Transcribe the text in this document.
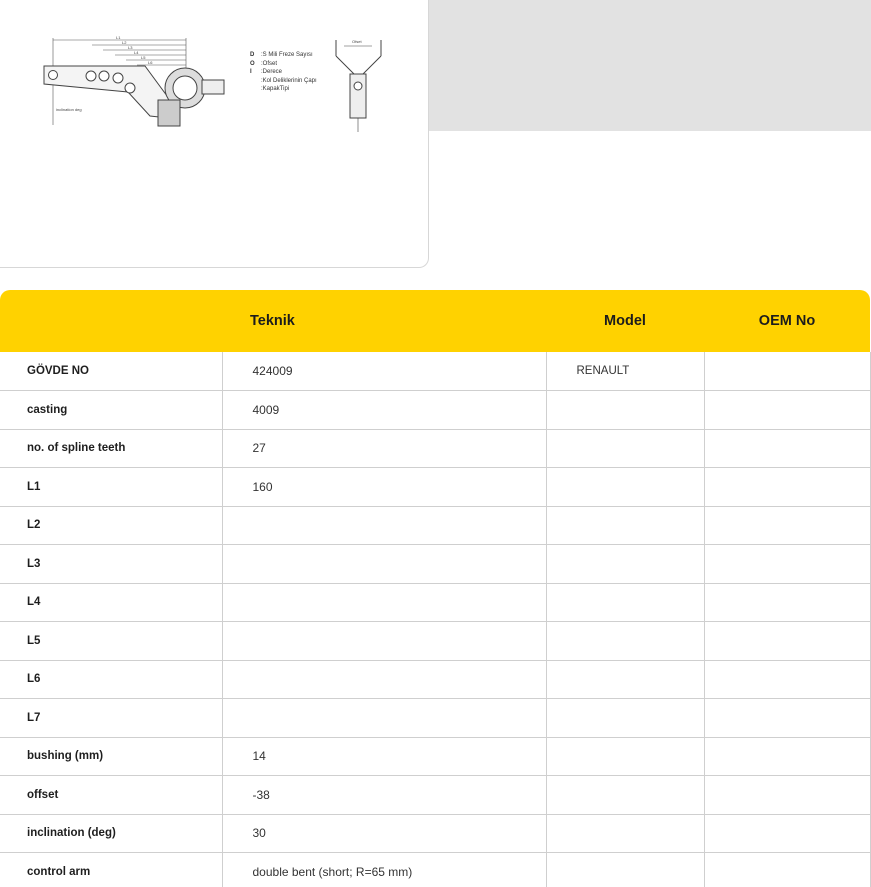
L1
L2
L3
L4
L5
L6
inclination deg
Ofset
D	:S Mili Freze Sayısı
O	:Ofset
I	:Derece
:Kol Deliklerinin Çapı
:KapakTipi
	Teknik	Model	OEM No
GÖVDE NO	424009	RENAULT	
casting	4009		
no. of spline teeth	27		
L1	160		
L2			
L3			
L4			
L5			
L6			
L7			
bushing (mm)	14		
offset	-38		
inclination (deg)	30		
control arm	double bent (short; R=65 mm)		
